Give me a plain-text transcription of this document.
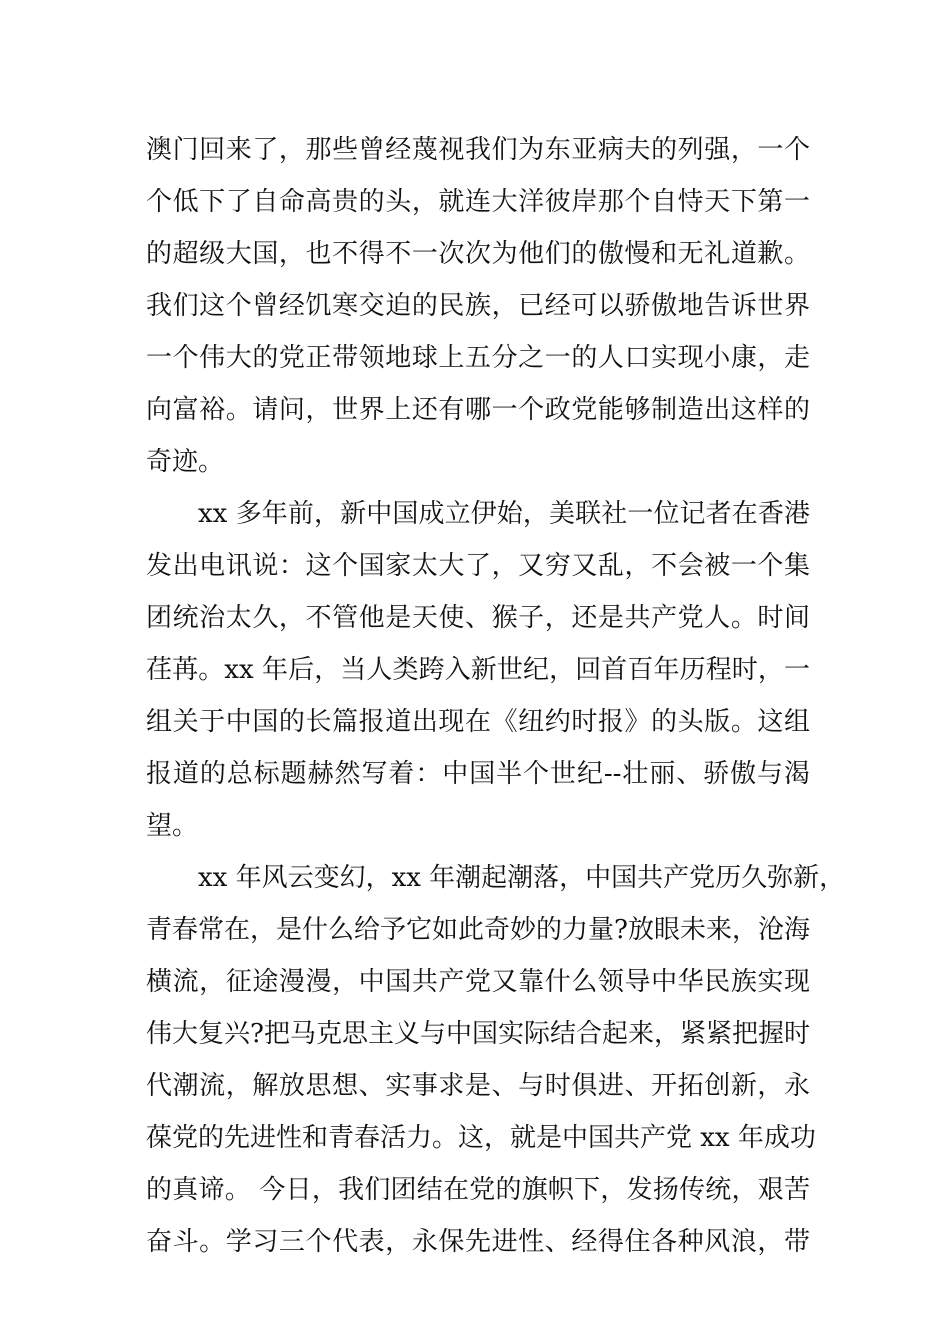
澳门回来了，那些曾经蔑视我们为东亚病夫的列强，一个
个低下了自命高贵的头，就连大洋彼岸那个自恃天下第一
的超级大国，也不得不一次次为他们的傲慢和无礼道歉。
我们这个曾经饥寒交迫的民族，已经可以骄傲地告诉世界
一个伟大的党正带领地球上五分之一的人口实现小康，走
向富裕。请问，世界上还有哪一个政党能够制造出这样的
奇迹。
xx 多年前，新中国成立伊始，美联社一位记者在香港
发出电讯说：这个国家太大了，又穷又乱，不会被一个集
团统治太久，不管他是天使、猴子，还是共产党人。时间
荏苒。xx 年后，当人类跨入新世纪，回首百年历程时，一
组关于中国的长篇报道出现在《纽约时报》的头版。这组
报道的总标题赫然写着：中国半个世纪--壮丽、骄傲与渴
望。
xx 年风云变幻，xx 年潮起潮落，中国共产党历久弥新，
青春常在，是什么给予它如此奇妙的力量?放眼未来，沧海
横流，征途漫漫，中国共产党又靠什么领导中华民族实现
伟大复兴?把马克思主义与中国实际结合起来，紧紧把握时
代潮流，解放思想、实事求是、与时俱进、开拓创新，永
葆党的先进性和青春活力。这，就是中国共产党 xx 年成功
的真谛。 今日，我们团结在党的旗帜下，发扬传统，艰苦
奋斗。学习三个代表，永保先进性、经得住各种风浪，带
